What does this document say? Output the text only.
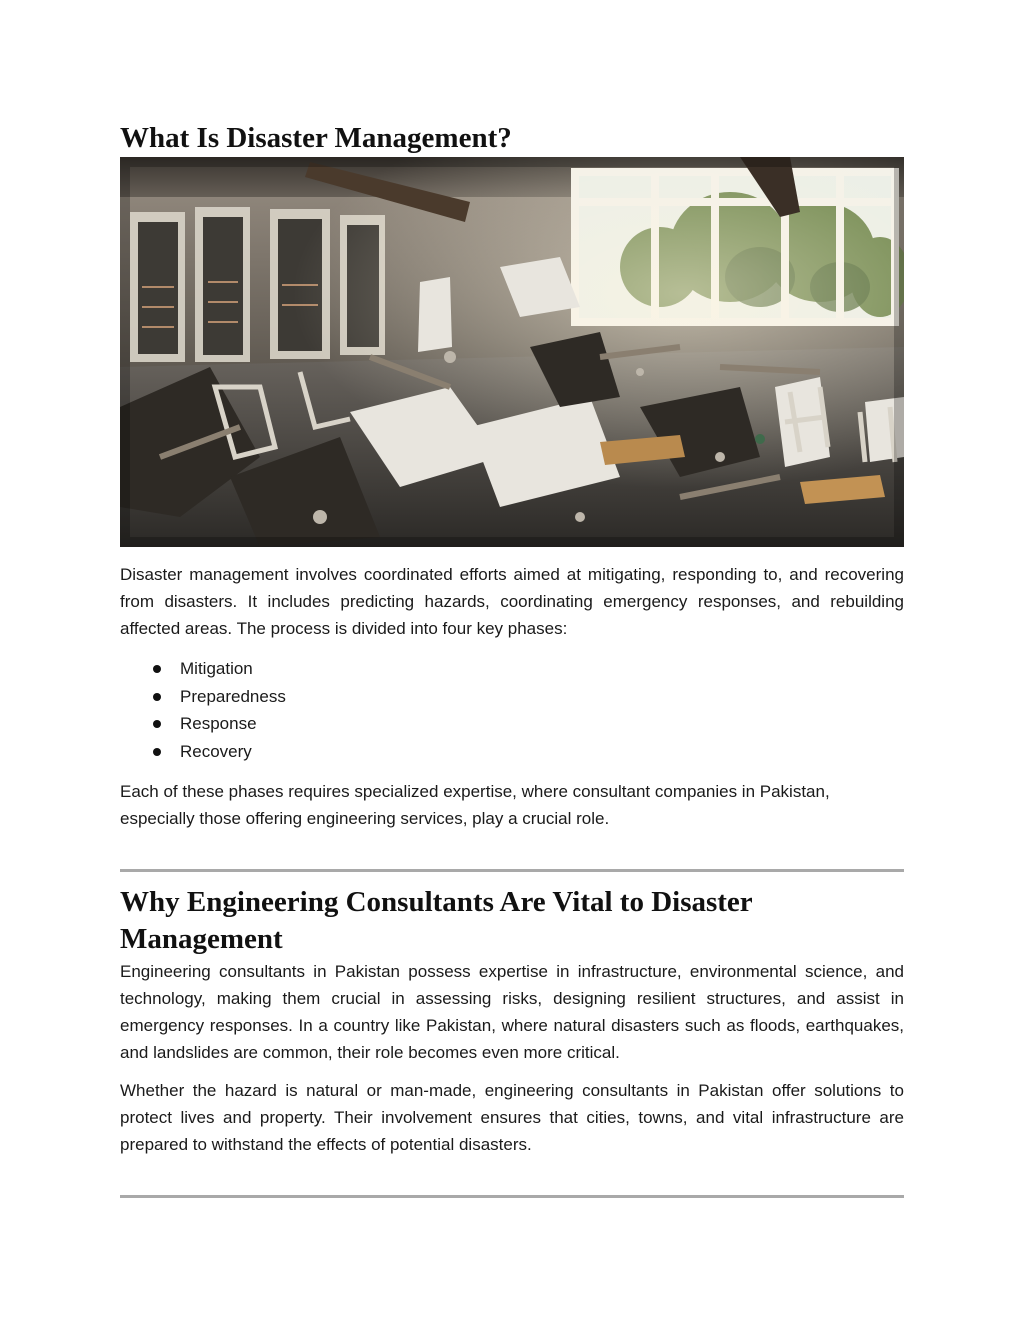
What Is Disaster Management?

Disaster management involves coordinated efforts aimed at mitigating, responding to, and recovering from disasters. It includes predicting hazards, coordinating emergency responses, and rebuilding affected areas. The process is divided into four key phases:

Mitigation
Preparedness
Response
Recovery

Each of these phases requires specialized expertise, where consultant companies in Pakistan, especially those offering engineering services, play a crucial role.

Why Engineering Consultants Are Vital to Disaster Management

Engineering consultants in Pakistan possess expertise in infrastructure, environmental science, and technology, making them crucial in assessing risks, designing resilient structures, and assist in emergency responses. In a country like Pakistan, where natural disasters such as floods, earthquakes, and landslides are common, their role becomes even more critical.

Whether the hazard is natural or man-made, engineering consultants in Pakistan offer solutions to protect lives and property. Their involvement ensures that cities, towns, and vital infrastructure are prepared to withstand the effects of potential disasters.
